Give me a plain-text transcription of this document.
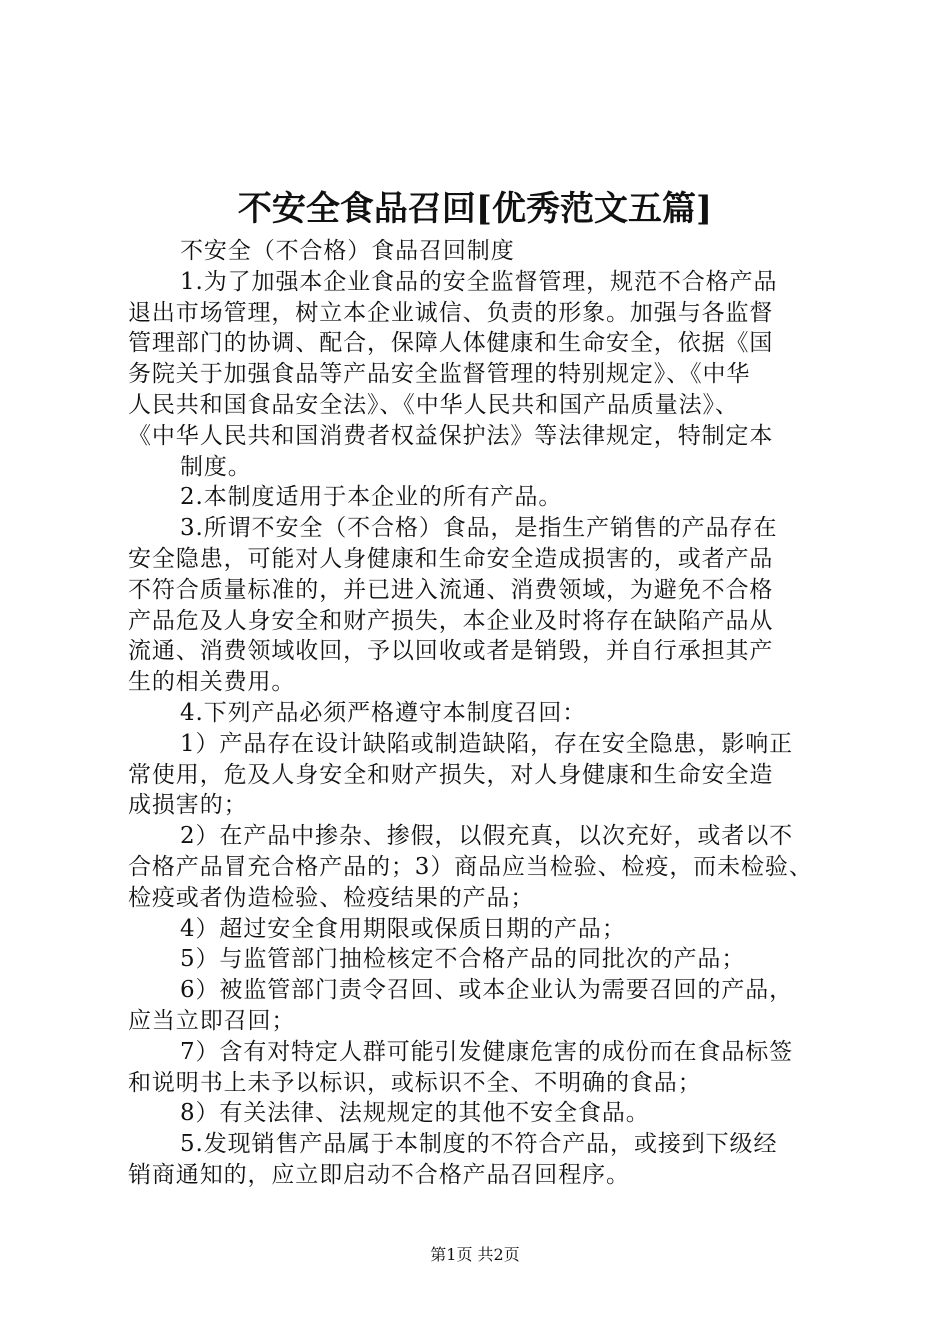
不安全食品召回[优秀范文五篇]
不安全（不合格）食品召回制度
1.为了加强本企业食品的安全监督管理，规范不合格产品
退出市场管理，树立本企业诚信、负责的形象。加强与各监督
管理部门的协调、配合，保障人体健康和生命安全，依据《国
务院关于加强食品等产品安全监督管理的特别规定》、《中华
人民共和国食品安全法》、《中华人民共和国产品质量法》、
《中华人民共和国消费者权益保护法》等法律规定，特制定本
制度。
2.本制度适用于本企业的所有产品。
3.所谓不安全（不合格）食品，是指生产销售的产品存在
安全隐患，可能对人身健康和生命安全造成损害的，或者产品
不符合质量标准的，并已进入流通、消费领域，为避免不合格
产品危及人身安全和财产损失，本企业及时将存在缺陷产品从
流通、消费领域收回，予以回收或者是销毁，并自行承担其产
生的相关费用。
4.下列产品必须严格遵守本制度召回：
1）产品存在设计缺陷或制造缺陷，存在安全隐患，影响正
常使用，危及人身安全和财产损失，对人身健康和生命安全造
成损害的；
2）在产品中掺杂、掺假，以假充真，以次充好，或者以不
合格产品冒充合格产品的；3）商品应当检验、检疫，而未检验、
检疫或者伪造检验、检疫结果的产品；
4）超过安全食用期限或保质日期的产品；
5）与监管部门抽检核定不合格产品的同批次的产品；
6）被监管部门责令召回、或本企业认为需要召回的产品，
应当立即召回；
7）含有对特定人群可能引发健康危害的成份而在食品标签
和说明书上未予以标识，或标识不全、不明确的食品；
8）有关法律、法规规定的其他不安全食品。
5.发现销售产品属于本制度的不符合产品，或接到下级经
销商通知的，应立即启动不合格产品召回程序。
第1页 共2页
